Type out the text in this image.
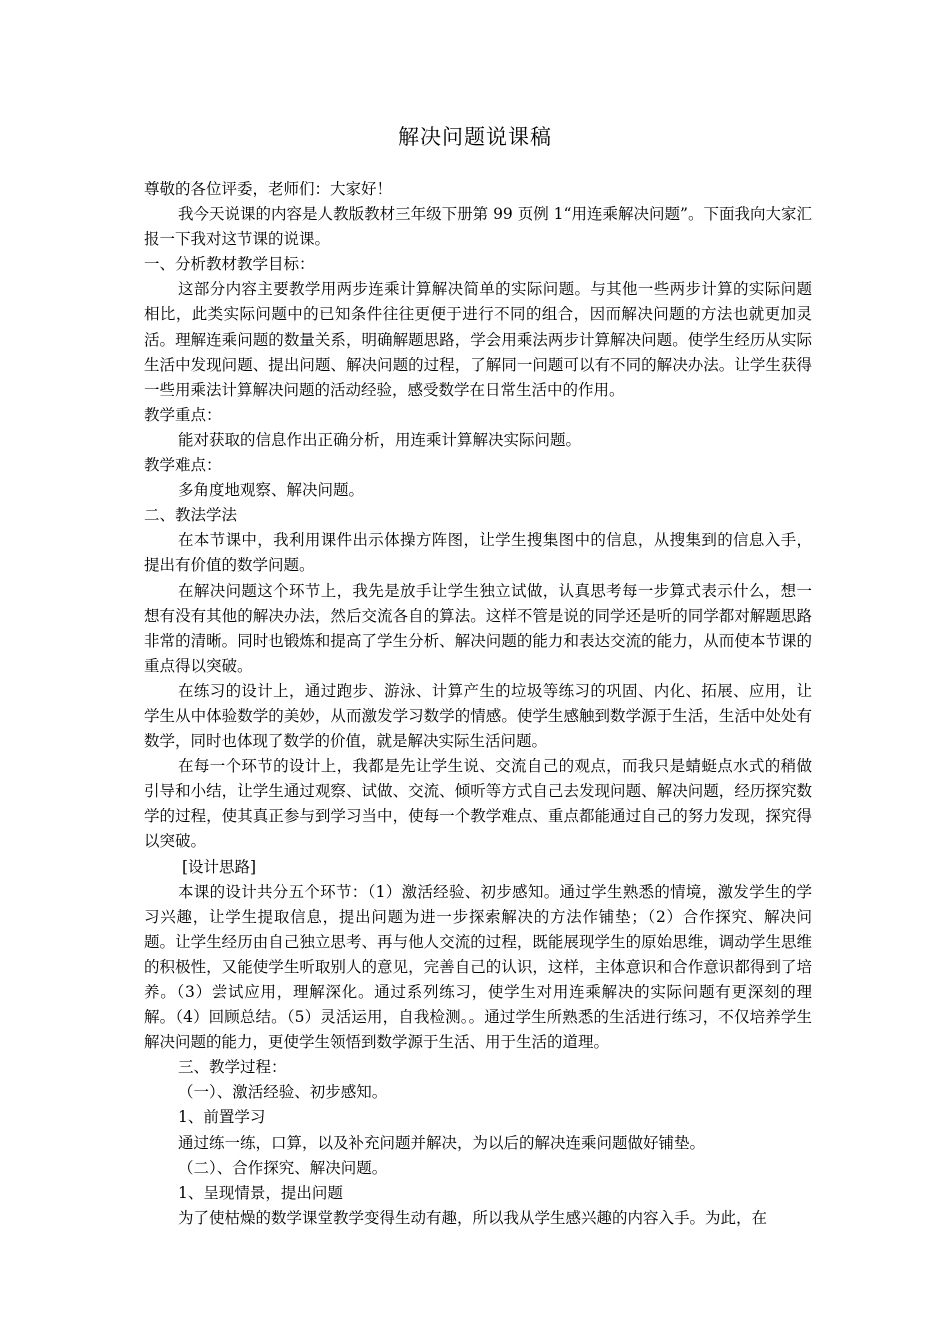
解决问题说课稿

尊敬的各位评委，老师们：大家好！

我今天说课的内容是人教版教材三年级下册第 99 页例 1“用连乘解决问题”。下面我向大家汇报一下我对这节课的说课。

一、分析教材教学目标：

这部分内容主要教学用两步连乘计算解决简单的实际问题。与其他一些两步计算的实际问题相比，此类实际问题中的已知条件往往更便于进行不同的组合，因而解决问题的方法也就更加灵活。理解连乘问题的数量关系，明确解题思路，学会用乘法两步计算解决问题。使学生经历从实际生活中发现问题、提出问题、解决问题的过程，了解同一问题可以有不同的解决办法。让学生获得一些用乘法计算解决问题的活动经验，感受数学在日常生活中的作用。

教学重点：

能对获取的信息作出正确分析，用连乘计算解决实际问题。

教学难点：

多角度地观察、解决问题。

二、教法学法

在本节课中，我利用课件出示体操方阵图，让学生搜集图中的信息，从搜集到的信息入手，提出有价值的数学问题。

在解决问题这个环节上，我先是放手让学生独立试做，认真思考每一步算式表示什么，想一想有没有其他的解决办法，然后交流各自的算法。这样不管是说的同学还是听的同学都对解题思路非常的清晰。同时也锻炼和提高了学生分析、解决问题的能力和表达交流的能力，从而使本节课的重点得以突破。

在练习的设计上，通过跑步、游泳、计算产生的垃圾等练习的巩固、内化、拓展、应用，让学生从中体验数学的美妙，从而激发学习数学的情感。使学生感触到数学源于生活，生活中处处有数学，同时也体现了数学的价值，就是解决实际生活问题。

在每一个环节的设计上，我都是先让学生说、交流自己的观点，而我只是蜻蜓点水式的稍做引导和小结，让学生通过观察、试做、交流、倾听等方式自己去发现问题、解决问题，经历探究数学的过程，使其真正参与到学习当中，使每一个教学难点、重点都能通过自己的努力发现，探究得以突破。

[设计思路]

本课的设计共分五个环节：（1）激活经验、初步感知。通过学生熟悉的情境，激发学生的学习兴趣，让学生提取信息，提出问题为进一步探索解决的方法作铺垫；（2）合作探究、解决问题。让学生经历由自己独立思考、再与他人交流的过程，既能展现学生的原始思维，调动学生思维的积极性，又能使学生听取别人的意见，完善自己的认识，这样，主体意识和合作意识都得到了培养。（3）尝试应用，理解深化。通过系列练习，使学生对用连乘解决的实际问题有更深刻的理解。（4）回顾总结。（5）灵活运用，自我检测。。通过学生所熟悉的生活进行练习，不仅培养学生解决问题的能力，更使学生领悟到数学源于生活、用于生活的道理。

三、教学过程：

（一）、激活经验、初步感知。

1、前置学习

通过练一练，口算，以及补充问题并解决，为以后的解决连乘问题做好铺垫。

（二）、合作探究、解决问题。

1、呈现情景，提出问题

为了使枯燥的数学课堂教学变得生动有趣，所以我从学生感兴趣的内容入手。为此，在
